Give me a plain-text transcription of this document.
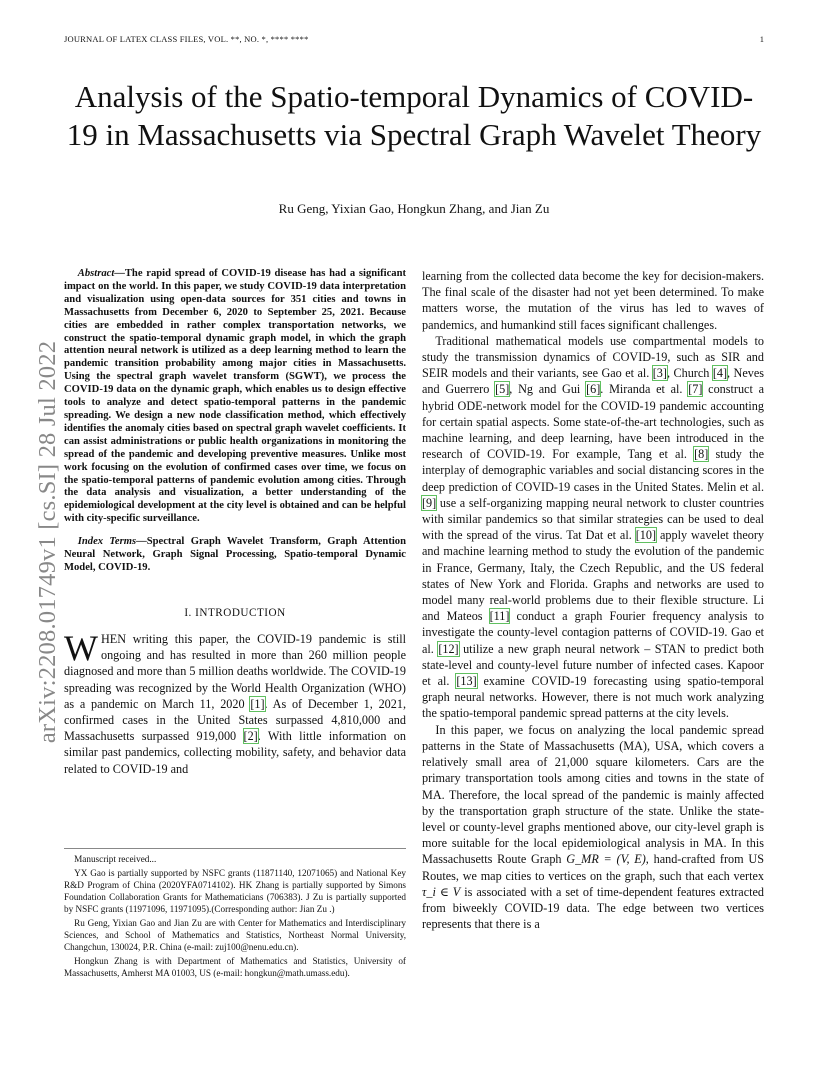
JOURNAL OF LATEX CLASS FILES, VOL. **, NO. *, **** ****	1
arXiv:2208.01749v1 [cs.SI] 28 Jul 2022
Analysis of the Spatio-temporal Dynamics of COVID-19 in Massachusetts via Spectral Graph Wavelet Theory
Ru Geng, Yixian Gao, Hongkun Zhang, and Jian Zu

Abstract—The rapid spread of COVID-19 disease has had a significant impact on the world. In this paper, we study COVID-19 data interpretation and visualization using open-data sources for 351 cities and towns in Massachusetts from December 6, 2020 to September 25, 2021. Because cities are embedded in rather complex transportation networks, we construct the spatio-temporal dynamic graph model, in which the graph attention neural network is utilized as a deep learning method to learn the pandemic transition probability among major cities in Massachusetts. Using the spectral graph wavelet transform (SGWT), we process the COVID-19 data on the dynamic graph, which enables us to design effective tools to analyze and detect spatio-temporal patterns in the pandemic spreading. We design a new node classification method, which effectively identifies the anomaly cities based on spectral graph wavelet coefficients. It can assist administrations or public health organizations in monitoring the spread of the pandemic and developing preventive measures. Unlike most work focusing on the evolution of confirmed cases over time, we focus on the spatio-temporal patterns of pandemic evolution among cities. Through the data analysis and visualization, a better understanding of the epidemiological development at the city level is obtained and can be helpful with city-specific surveillance.

Index Terms—Spectral Graph Wavelet Transform, Graph Attention Neural Network, Graph Signal Processing, Spatio-temporal Dynamic Model, COVID-19.

I. INTRODUCTION

WHEN writing this paper, the COVID-19 pandemic is still ongoing and has resulted in more than 260 million people diagnosed and more than 5 million deaths worldwide. The COVID-19 spreading was recognized by the World Health Organization (WHO) as a pandemic on March 11, 2020 [1]. As of December 1, 2021, confirmed cases in the United States surpassed 4,810,000 and Massachusetts surpassed 919,000 [2]. With little information on similar past pandemics, collecting mobility, safety, and behavior data related to COVID-19 and

Manuscript received...

YX Gao is partially supported by NSFC grants (11871140, 12071065) and National Key R&D Program of China (2020YFA0714102). HK Zhang is partially supported by Simons Foundation Collaboration Grants for Mathematicians (706383). J Zu is partially supported by NSFC grants (11971096, 11971095).(Corresponding author: Jian Zu .)

Ru Geng, Yixian Gao and Jian Zu are with Center for Mathematics and Interdisciplinary Sciences, and School of Mathematics and Statistics, Northeast Normal University, Changchun, 130024, P.R. China (e-mail: zuj100@nenu.edu.cn).

Hongkun Zhang is with Department of Mathematics and Statistics, University of Massachusetts, Amherst MA 01003, US (e-mail: hongkun@math.umass.edu).

learning from the collected data become the key for decision-makers. The final scale of the disaster had not yet been determined. To make matters worse, the mutation of the virus has led to waves of pandemics, and humankind still faces significant challenges.

Traditional mathematical models use compartmental models to study the transmission dynamics of COVID-19, such as SIR and SEIR models and their variants, see Gao et al. [3], Church [4], Neves and Guerrero [5], Ng and Gui [6]. Miranda et al. [7] construct a hybrid ODE-network model for the COVID-19 pandemic accounting for certain spatial aspects. Some state-of-the-art technologies, such as machine learning, and deep learning, have been introduced in the research of COVID-19. For example, Tang et al. [8] study the interplay of demographic variables and social distancing scores in the deep prediction of COVID-19 cases in the United States. Melin et al. [9] use a self-organizing mapping neural network to cluster countries with similar pandemics so that similar strategies can be used to deal with the spread of the virus. Tat Dat et al. [10] apply wavelet theory and machine learning method to study the evolution of the pandemic in France, Germany, Italy, the Czech Republic, and the US federal states of New York and Florida. Graphs and networks are used to model many real-world problems due to their flexible structure. Li and Mateos [11] conduct a graph Fourier frequency analysis to investigate the county-level contagion patterns of COVID-19. Gao et al. [12] utilize a new graph neural network – STAN to predict both state-level and county-level future number of infected cases. Kapoor et al. [13] examine COVID-19 forecasting using spatio-temporal graph neural networks. However, there is not much work analyzing the spatio-temporal pandemic spread patterns at the city levels.

In this paper, we focus on analyzing the local pandemic spread patterns in the State of Massachusetts (MA), USA, which covers a relatively small area of 21,000 square kilometers. Cars are the primary transportation tools among cities and towns in the state of MA. Therefore, the local spread of the pandemic is mainly affected by the transportation graph structure of the state. Unlike the state-level or county-level graphs mentioned above, our city-level graph is more suitable for the local epidemiological analysis in MA. In this Massachusetts Route Graph G_MR = (V, E), hand-crafted from US Routes, we map cities to vertices on the graph, such that each vertex τ_i ∈ V is associated with a set of time-dependent features extracted from biweekly COVID-19 data. The edge between two vertices represents that there is a
